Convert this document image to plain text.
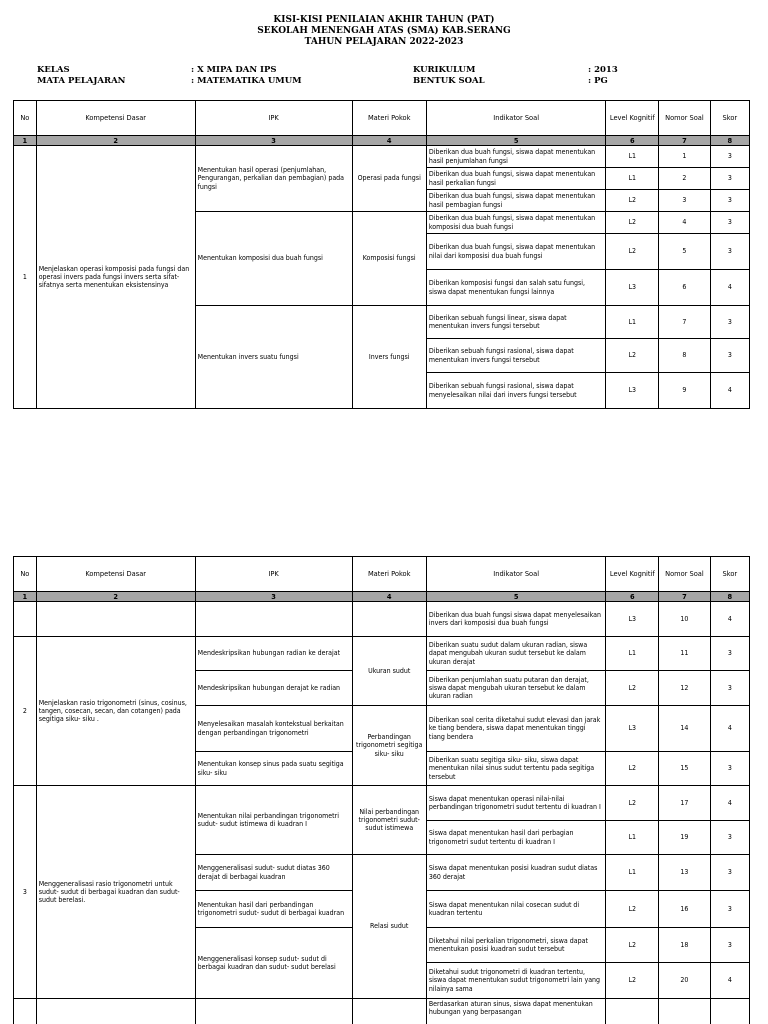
KISI-KISI PENILAIAN AKHIR TAHUN (PAT)
SEKOLAH MENENGAH ATAS (SMA) KAB.SERANG
TAHUN PELAJARAN 2022-2023
KELAS	: X MIPA DAN IPS	KURIKULUM	: 2013
MATA PELAJARAN	: MATEMATIKA UMUM	BENTUK SOAL	: PG
No	Kompetensi Dasar	IPK	Materi Pokok	Indikator Soal	Level Kognitif	Nomor Soal	Skor
1	2	3	4	5	6	7	8
1	Menjelaskan operasi komposisi pada fungsi dan operasi invers pada fungsi invers serta sifat- sifatnya serta menentukan eksistensinya	Menentukan hasil operasi (penjumlahan, Pengurangan, perkalian dan pembagian) pada fungsi	Operasi pada fungsi	Diberikan dua buah fungsi, siswa dapat menentukan hasil penjumlahan fungsi	L1	1	3
				Diberikan dua buah fungsi, siswa dapat menentukan hasil perkalian fungsi	L1	2	3
				Diberikan dua buah fungsi, siswa dapat menentukan hasil pembagian fungsi	L2	3	3
		Menentukan komposisi dua buah fungsi	Komposisi fungsi	Diberikan dua buah fungsi, siswa dapat menentukan komposisi dua buah fungsi	L2	4	3
				Diberikan dua buah fungsi, siswa dapat menentukan nilai dari komposisi dua buah fungsi	L2	5	3
				Diberikan komposisi fungsi dan salah satu fungsi, siswa dapat menentukan fungsi lainnya	L3	6	4
		Menentukan invers suatu fungsi	Invers fungsi	Diberikan sebuah fungsi linear, siswa dapat menentukan invers fungsi tersebut	L1	7	3
				Diberikan sebuah fungsi rasional, siswa dapat menentukan invers fungsi tersebut	L2	8	3
				Diberikan sebuah fungsi rasional, siswa dapat menyelesaikan nilai dari invers fungsi tersebut	L3	9	4
No	Kompetensi Dasar	IPK	Materi Pokok	Indikator Soal	Level Kognitif	Nomor Soal	Skor
1	2	3	4	5	6	7	8
				Diberikan dua buah fungsi siswa dapat menyelesaikan invers dari komposisi dua buah fungsi	L3	10	4
2	Menjelaskan rasio trigonometri (sinus, cosinus, tangen, cosecan, secan, dan cotangen) pada segitiga siku- siku .	Mendeskripsikan hubungan radian ke derajat	Ukuran sudut	Diberikan suatu sudut dalam ukuran radian, siswa dapat mengubah ukuran sudut tersebut ke dalam ukuran derajat	L1	11	3
		Mendeskripsikan hubungan derajat ke radian		Diberikan penjumlahan suatu putaran dan derajat, siswa dapat mengubah ukuran tersebut ke dalam ukuran radian	L2	12	3
		Menyelesaikan masalah kontekstual berkaitan dengan perbandingan trigonometri	Perbandingan trigonometri segitiga siku- siku	Diberikan soal cerita diketahui sudut elevasi dan jarak ke tiang bendera, siswa dapat menentukan tinggi tiang bendera	L3	14	4
		Menentukan konsep sinus pada suatu segitiga siku- siku		Diberikan suatu segitiga siku- siku, siswa dapat menentukan nilai sinus sudut tertentu pada segitiga tersebut	L2	15	3
3	Menggeneralisasi rasio trigonometri untuk sudut- sudut di berbagai kuadran dan sudut- sudut berelasi.	Menentukan nilai perbandingan trigonometri sudut- sudut istimewa di kuadran I	Nilai perbandingan trigonometri sudut- sudut istimewa	Siswa dapat menentukan operasi nilai-nilai perbandingan trigonometri sudut tertentu di kuadran I	L2	17	4
				Siswa dapat menentukan hasil dari perbagian trigonometri sudut tertentu di kuadran I	L1	19	3
		Menggeneralisasi sudut- sudut diatas 360 derajat di berbagai kuadran	Relasi sudut	Siswa dapat menentukan posisi kuadran sudut diatas 360 derajat	L1	13	3
		Menentukan hasil dari perbandingan trigonometri sudut- sudut di berbagai kuadran		Siswa dapat menentukan nilai cosecan sudut di kuadran tertentu	L2	16	3
		Menggeneralisasi konsep sudut- sudut di berbagai kuadran dan sudut- sudut berelasi		Diketahui nilai perkalian trigonometri, siswa dapat menentukan posisi kuadran sudut tersebut	L2	18	3
				Diketahui sudut trigonometri di kuadran tertentu, siswa dapat menentukan sudut trigonometri lain yang nilainya sama	L2	20	4
				Berdasarkan aturan sinus, siswa dapat menentukan hubungan yang berpasangan			
